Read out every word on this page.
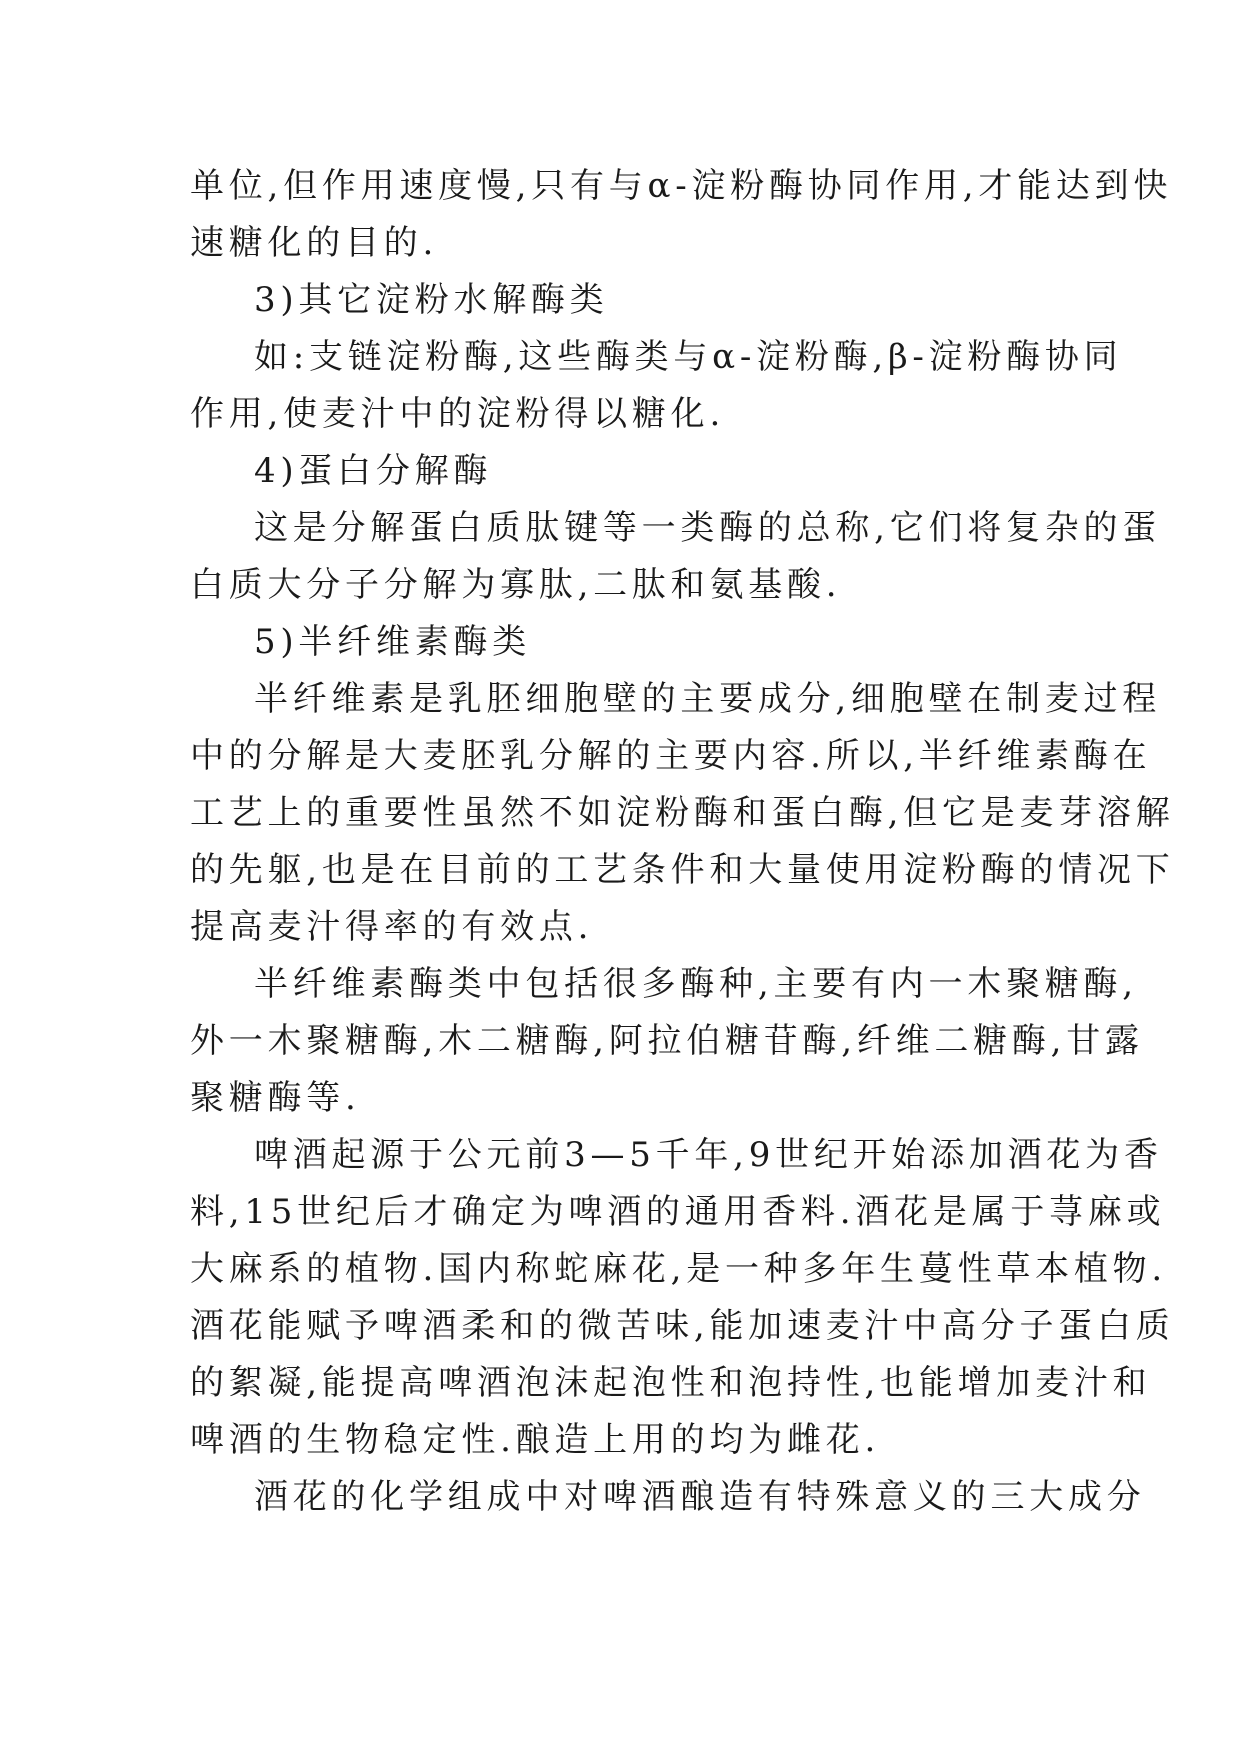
单位,但作用速度慢,只有与α-淀粉酶协同作用,才能达到快
速糖化的目的.
3)其它淀粉水解酶类
如:支链淀粉酶,这些酶类与α-淀粉酶,β-淀粉酶协同
作用,使麦汁中的淀粉得以糖化.
4)蛋白分解酶
这是分解蛋白质肽键等一类酶的总称,它们将复杂的蛋
白质大分子分解为寡肽,二肽和氨基酸.
5)半纤维素酶类
半纤维素是乳胚细胞壁的主要成分,细胞壁在制麦过程
中的分解是大麦胚乳分解的主要内容.所以,半纤维素酶在
工艺上的重要性虽然不如淀粉酶和蛋白酶,但它是麦芽溶解
的先躯,也是在目前的工艺条件和大量使用淀粉酶的情况下
提高麦汁得率的有效点.
半纤维素酶类中包括很多酶种,主要有内一木聚糖酶,
外一木聚糖酶,木二糖酶,阿拉伯糖苷酶,纤维二糖酶,甘露
聚糖酶等.
啤酒起源于公元前3—5千年,9世纪开始添加酒花为香
料,15世纪后才确定为啤酒的通用香料.酒花是属于荨麻或
大麻系的植物.国内称蛇麻花,是一种多年生蔓性草本植物.
酒花能赋予啤酒柔和的微苦味,能加速麦汁中高分子蛋白质
的絮凝,能提高啤酒泡沫起泡性和泡持性,也能增加麦汁和
啤酒的生物稳定性.酿造上用的均为雌花.
酒花的化学组成中对啤酒酿造有特殊意义的三大成分
